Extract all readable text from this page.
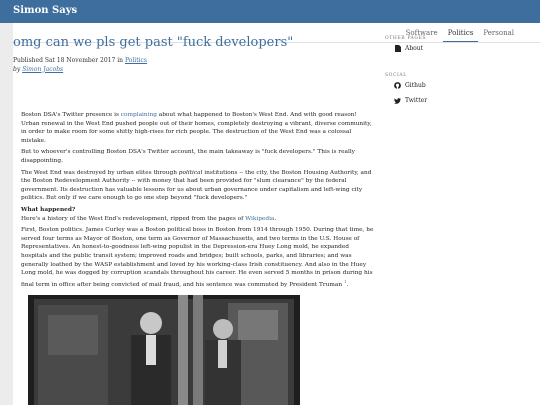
Simon Says
Software	Politics	Personal
omg can we pls get past "fuck developers"
Published Sat 18 November 2017 in Politics
by Simon Jacobs

Boston DSA's Twitter presence is complaining about what happened to Boston's West End. And with good reason! Urban renewal in the West End pushed people out of their homes, completely destroying a vibrant, diverse community, in order to make room for some shitty high-rises for rich people. The destruction of the West End was a colossal mistake.

But to whoever's controlling Boston DSA's Twitter account, the main takeaway is "fuck developers." This is really disappointing.

The West End was destroyed by urban elites through political institutions -- the city, the Boston Housing Authority, and the Boston Redevelopment Authority -- with money that had been provided for "slum clearance" by the federal government. Its destruction has valuable lessons for us about urban governance under capitalism and left-wing city politics. But only if we care enough to go one step beyond "fuck developers."

What happened?

Here's a history of the West End's redevelopment, ripped from the pages of Wikipedia.

First, Boston politics. James Curley was a Boston political boss in Boston from 1914 through 1950. During that time, he served four terms as Mayor of Boston, one term as Governor of Massachusetts, and two terms in the U.S. House of Representatives. An honest-to-goodness left-wing populist in the Depression-era Huey Long mold, he expanded hospitals and the public transit system; improved roads and bridges; built schools, parks, and libraries; and was generally loathed by the WASP establishment and loved by his working-class Irish constituency. And also in the Huey Long mold, he was dogged by corruption scandals throughout his career. He even served 5 months in prison during his final term in office after being convicted of mail fraud, and his sentence was commuted by President Truman $^1$.

OTHER PAGES
About
SOCIAL
Github
Twitter
